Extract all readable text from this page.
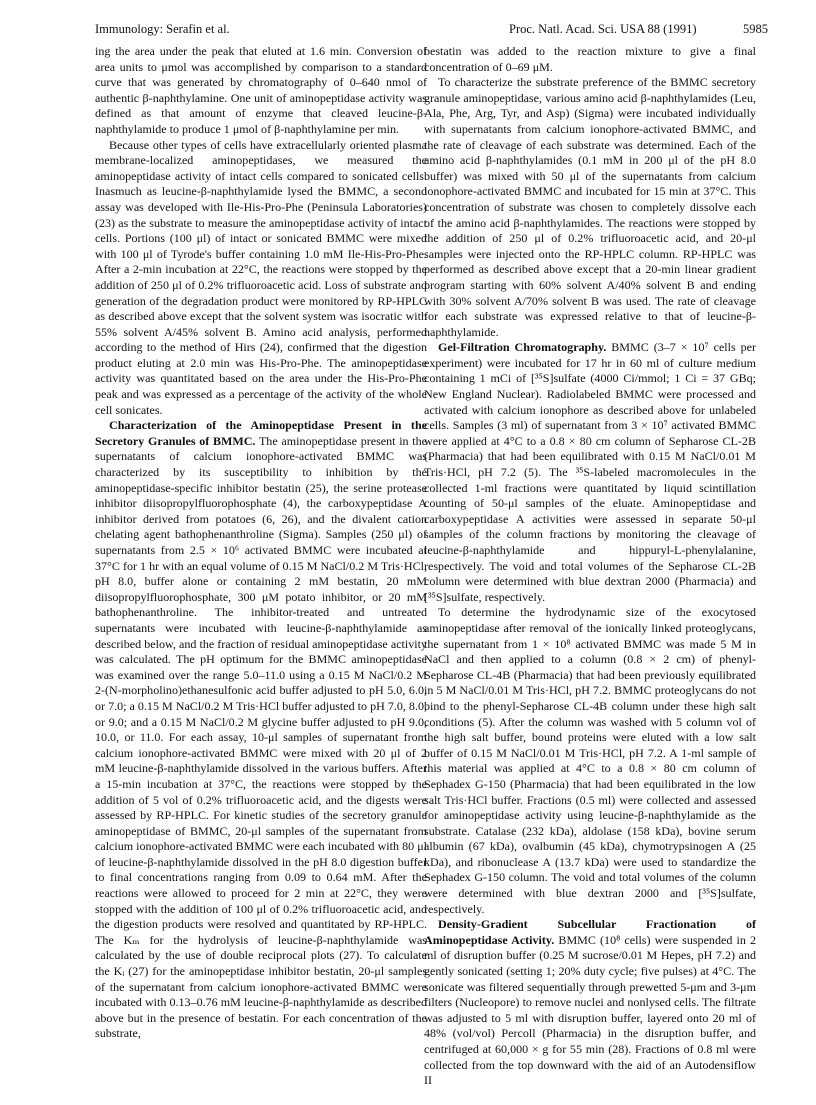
Immunology: Serafin et al.	Proc. Natl. Acad. Sci. USA 88 (1991)	5985

ing the area under the peak that eluted at 1.6 min. Conversion of area units to μmol was accomplished by comparison to a standard curve that was generated by chromatography of 0–640 nmol of authentic β-naphthylamine. One unit of aminopeptidase activity was defined as that amount of enzyme that cleaved leucine-β-naphthylamide to produce 1 μmol of β-naphthylamine per min.

Because other types of cells have extracellularly oriented plasma membrane-localized aminopeptidases, we measured the aminopeptidase activity of intact cells compared to sonicated cells. Inasmuch as leucine-β-naphthylamide lysed the BMMC, a second assay was developed with Ile-His-Pro-Phe (Peninsula Laboratories) (23) as the substrate to measure the aminopeptidase activity of intact cells. Portions (100 μl) of intact or sonicated BMMC were mixed with 100 μl of Tyrode's buffer containing 1.0 mM Ile-His-Pro-Phe. After a 2-min incubation at 22°C, the reactions were stopped by the addition of 250 μl of 0.2% trifluoroacetic acid. Loss of substrate and generation of the degradation product were monitored by RP-HPLC as described above except that the solvent system was isocratic with 55% solvent A/45% solvent B. Amino acid analysis, performed according to the method of Hirs (24), confirmed that the digestion product eluting at 2.0 min was His-Pro-Phe. The aminopeptidase activity was quantitated based on the area under the His-Pro-Phe peak and was expressed as a percentage of the activity of the whole cell sonicates.

Characterization of the Aminopeptidase Present in the Secretory Granules of BMMC. The aminopeptidase present in the supernatants of calcium ionophore-activated BMMC was characterized by its susceptibility to inhibition by the aminopeptidase-specific inhibitor bestatin (25), the serine protease inhibitor diisopropylfluorophosphate (4), the carboxypeptidase A inhibitor derived from potatoes (6, 26), and the divalent cation chelating agent bathophenanthroline (Sigma). Samples (250 μl) of supernatants from 2.5 × 10⁶ activated BMMC were incubated at 37°C for 1 hr with an equal volume of 0.15 M NaCl/0.2 M Tris·HCl, pH 8.0, buffer alone or containing 2 mM bestatin, 20 mM diisopropylfluorophosphate, 300 μM potato inhibitor, or 20 mM bathophenanthroline. The inhibitor-treated and untreated supernatants were incubated with leucine-β-naphthylamide as described below, and the fraction of residual aminopeptidase activity was calculated. The pH optimum for the BMMC aminopeptidase was examined over the range 5.0–11.0 using a 0.15 M NaCl/0.2 M 2-(N-morpholino)ethanesulfonic acid buffer adjusted to pH 5.0, 6.0, or 7.0; a 0.15 M NaCl/0.2 M Tris·HCl buffer adjusted to pH 7.0, 8.0, or 9.0; and a 0.15 M NaCl/0.2 M glycine buffer adjusted to pH 9.0, 10.0, or 11.0. For each assay, 10-μl samples of supernatant from calcium ionophore-activated BMMC were mixed with 20 μl of 2 mM leucine-β-naphthylamide dissolved in the various buffers. After a 15-min incubation at 37°C, the reactions were stopped by the addition of 5 vol of 0.2% trifluoroacetic acid, and the digests were assessed by RP-HPLC. For kinetic studies of the secretory granule aminopeptidase of BMMC, 20-μl samples of the supernatant from calcium ionophore-activated BMMC were each incubated with 80 μl of leucine-β-naphthylamide dissolved in the pH 8.0 digestion buffer to final concentrations ranging from 0.09 to 0.64 mM. After the reactions were allowed to proceed for 2 min at 22°C, they were stopped with the addition of 100 μl of 0.2% trifluoroacetic acid, and the digestion products were resolved and quantitated by RP-HPLC. The Kₘ for the hydrolysis of leucine-β-naphthylamide was calculated by the use of double reciprocal plots (27). To calculate the Kᵢ (27) for the aminopeptidase inhibitor bestatin, 20-μl samples of the supernatant from calcium ionophore-activated BMMC were incubated with 0.13–0.76 mM leucine-β-naphthylamide as described above but in the presence of bestatin. For each concentration of the substrate,

bestatin was added to the reaction mixture to give a final concentration of 0–69 μM.

To characterize the substrate preference of the BMMC secretory granule aminopeptidase, various amino acid β-naphthylamides (Leu, Ala, Phe, Arg, Tyr, and Asp) (Sigma) were incubated individually with supernatants from calcium ionophore-activated BMMC, and the rate of cleavage of each substrate was determined. Each of the amino acid β-naphthylamides (0.1 mM in 200 μl of the pH 8.0 buffer) was mixed with 50 μl of the supernatants from calcium ionophore-activated BMMC and incubated for 15 min at 37°C. This concentration of substrate was chosen to completely dissolve each of the amino acid β-naphthylamides. The reactions were stopped by the addition of 250 μl of 0.2% trifluoroacetic acid, and 20-μl samples were injected onto the RP-HPLC column. RP-HPLC was performed as described above except that a 20-min linear gradient program starting with 60% solvent A/40% solvent B and ending with 30% solvent A/70% solvent B was used. The rate of cleavage for each substrate was expressed relative to that of leucine-β-naphthylamide.

Gel-Filtration Chromatography. BMMC (3–7 × 10⁷ cells per experiment) were incubated for 17 hr in 60 ml of culture medium containing 1 mCi of [³⁵S]sulfate (4000 Ci/mmol; 1 Ci = 37 GBq; New England Nuclear). Radiolabeled BMMC were processed and activated with calcium ionophore as described above for unlabeled cells. Samples (3 ml) of supernatant from 3 × 10⁷ activated BMMC were applied at 4°C to a 0.8 × 80 cm column of Sepharose CL-2B (Pharmacia) that had been equilibrated with 0.15 M NaCl/0.01 M Tris·HCl, pH 7.2 (5). The ³⁵S-labeled macromolecules in the collected 1-ml fractions were quantitated by liquid scintillation counting of 50-μl samples of the eluate. Aminopeptidase and carboxypeptidase A activities were assessed in separate 50-μl samples of the column fractions by monitoring the cleavage of leucine-β-naphthylamide and hippuryl-L-phenylalanine, respectively. The void and total volumes of the Sepharose CL-2B column were determined with blue dextran 2000 (Pharmacia) and [³⁵S]sulfate, respectively.

To determine the hydrodynamic size of the exocytosed aminopeptidase after removal of the ionically linked proteoglycans, the supernatant from 1 × 10⁸ activated BMMC was made 5 M in NaCl and then applied to a column (0.8 × 2 cm) of phenyl-Sepharose CL-4B (Pharmacia) that had been previously equilibrated in 5 M NaCl/0.01 M Tris·HCl, pH 7.2. BMMC proteoglycans do not bind to the phenyl-Sepharose CL-4B column under these high salt conditions (5). After the column was washed with 5 column vol of the high salt buffer, bound proteins were eluted with a low salt buffer of 0.15 M NaCl/0.01 M Tris·HCl, pH 7.2. A 1-ml sample of this material was applied at 4°C to a 0.8 × 80 cm column of Sephadex G-150 (Pharmacia) that had been equilibrated in the low salt Tris·HCl buffer. Fractions (0.5 ml) were collected and assessed for aminopeptidase activity using leucine-β-naphthylamide as the substrate. Catalase (232 kDa), aldolase (158 kDa), bovine serum albumin (67 kDa), ovalbumin (45 kDa), chymotrypsinogen A (25 kDa), and ribonuclease A (13.7 kDa) were used to standardize the Sephadex G-150 column. The void and total volumes of the column were determined with blue dextran 2000 and [³⁵S]sulfate, respectively.

Density-Gradient Subcellular Fractionation of Aminopeptidase Activity. BMMC (10⁸ cells) were suspended in 2 ml of disruption buffer (0.25 M sucrose/0.01 M Hepes, pH 7.2) and gently sonicated (setting 1; 20% duty cycle; five pulses) at 4°C. The sonicate was filtered sequentially through prewetted 5-μm and 3-μm filters (Nucleopore) to remove nuclei and nonlysed cells. The filtrate was adjusted to 5 ml with disruption buffer, layered onto 20 ml of 48% (vol/vol) Percoll (Pharmacia) in the disruption buffer, and centrifuged at 60,000 × g for 55 min (28). Fractions of 0.8 ml were collected from the top downward with the aid of an Autodensiflow II
